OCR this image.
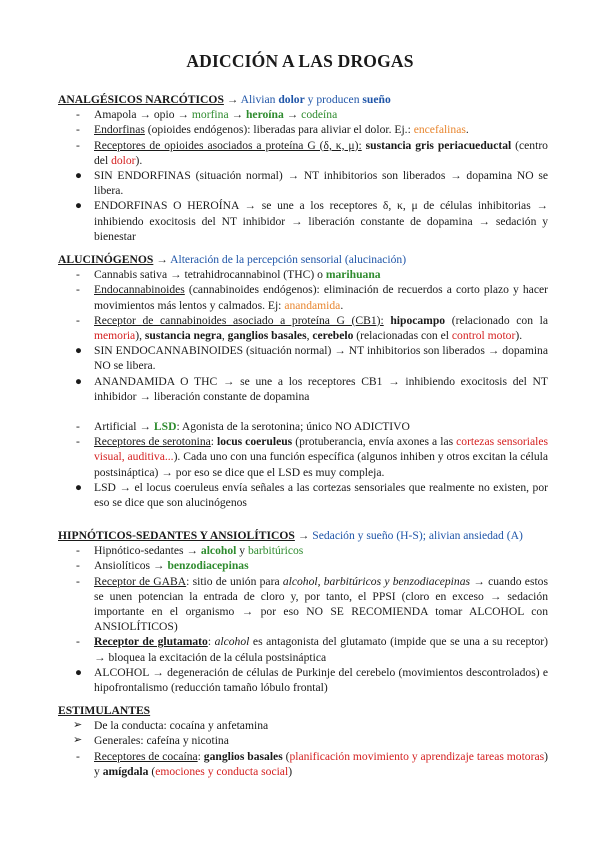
ADICCIÓN A LAS DROGAS
ANALGÉSICOS NARCÓTICOS → Alivian dolor y producen sueño
- Amapola → opio → morfina → heroína → codeína
- Endorfinas (opioides endógenos): liberadas para aliviar el dolor. Ej.: encefalinas.
- Receptores de opioides asociados a proteína G (δ, κ, μ): sustancia gris periacueductal (centro del dolor).
● SIN ENDORFINAS (situación normal) → NT inhibitorios son liberados → dopamina NO se libera.
● ENDORFINAS O HEROÍNA → se une a los receptores δ, κ, μ de células inhibitorias → inhibiendo exocitosis del NT inhibidor → liberación constante de dopamina → sedación y bienestar
ALUCINÓGENOS → Alteración de la percepción sensorial (alucinación)
- Cannabis sativa → tetrahidrocannabinol (THC) o marihuana
- Endocannabinoides (cannabinoides endógenos): eliminación de recuerdos a corto plazo y hacer movimientos más lentos y calmados. Ej: anandamida.
- Receptor de cannabinoides asociado a proteína G (CB1): hipocampo (relacionado con la memoria), sustancia negra, ganglios basales, cerebelo (relacionadas con el control motor).
● SIN ENDOCANNABINOIDES (situación normal) → NT inhibitorios son liberados → dopamina NO se libera.
● ANANDAMIDA O THC → se une a los receptores CB1 → inhibiendo exocitosis del NT inhibidor → liberación constante de dopamina
- Artificial → LSD: Agonista de la serotonina; único NO ADICTIVO
- Receptores de serotonina: locus coeruleus (protuberancia, envía axones a las cortezas sensoriales visual, auditiva...). Cada uno con una función específica (algunos inhiben y otros excitan la célula postsináptica) → por eso se dice que el LSD es muy compleja.
● LSD → el locus coeruleus envía señales a las cortezas sensoriales que realmente no existen, por eso se dice que son alucinógenos
HIPNÓTICOS-SEDANTES Y ANSIOLÍTICOS → Sedación y sueño (H-S); alivian ansiedad (A)
- Hipnótico-sedantes → alcohol y barbitúricos
- Ansiolíticos → benzodiacepinas
- Receptor de GABA: sitio de unión para alcohol, barbitúricos y benzodiacepinas → cuando estos se unen potencian la entrada de cloro y, por tanto, el PPSI (cloro en exceso → sedación importante en el organismo → por eso NO SE RECOMIENDA tomar ALCOHOL con ANSIOLÍTICOS)
- Receptor de glutamato: alcohol es antagonista del glutamato (impide que se una a su receptor) → bloquea la excitación de la célula postsináptica
● ALCOHOL → degeneración de células de Purkinje del cerebelo (movimientos descontrolados) e hipofrontalismo (reducción tamaño lóbulo frontal)
ESTIMULANTES
➢ De la conducta: cocaína y anfetamina
➢ Generales: cafeína y nicotina
- Receptores de cocaína: ganglios basales (planificación movimiento y aprendizaje tareas motoras) y amígdala (emociones y conducta social)
